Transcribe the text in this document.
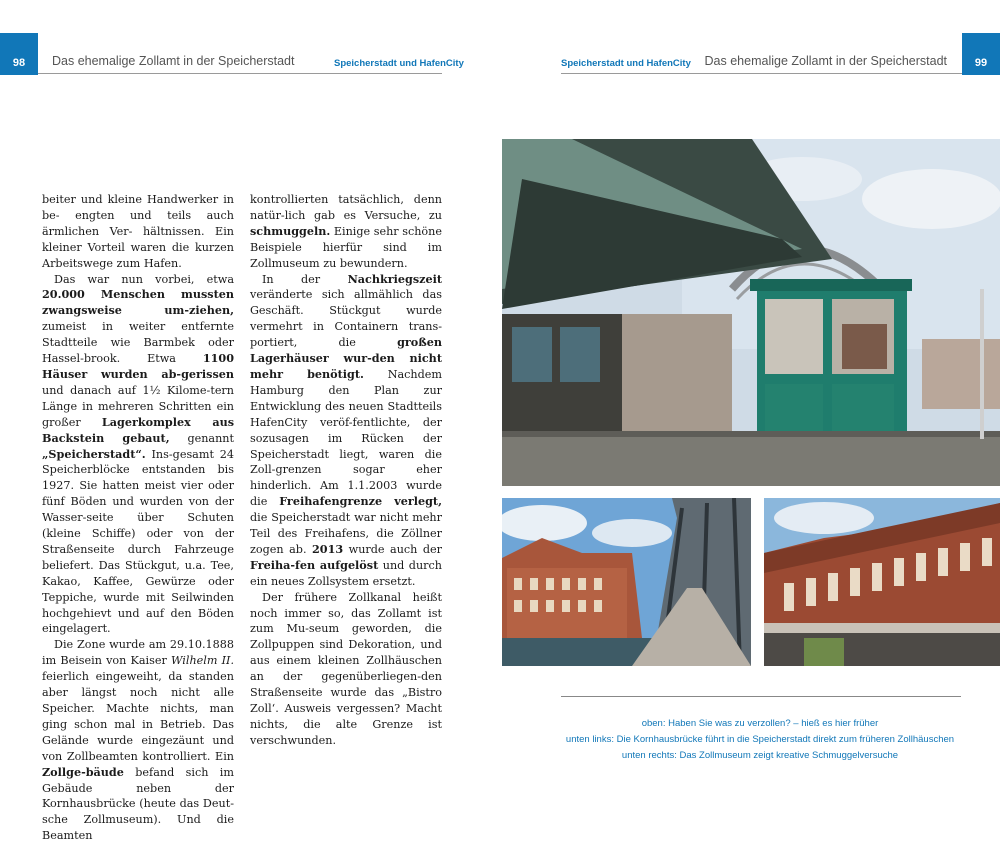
98	Das ehemalige Zollamt in der Speicherstadt	Speicherstadt und HafenCity	Speicherstadt und HafenCity Das ehemalige Zollamt in der Speicherstadt	99

beiter und kleine Handwerker in be- engten und teils auch ärmlichen Ver- hältnissen. Ein kleiner Vorteil waren die kurzen Arbeitswege zum Hafen.

Das war nun vorbei, etwa 20.000 Menschen mussten zwangsweise um-ziehen, zumeist in weiter entfernte Stadtteile wie Barmbek oder Hassel-brook. Etwa 1100 Häuser wurden ab-gerissen und danach auf 1½ Kilome-tern Länge in mehreren Schritten ein großer Lagerkomplex aus Backstein gebaut, genannt „Speicherstadt“. Ins-gesamt 24 Speicherblöcke entstanden bis 1927. Sie hatten meist vier oder fünf Böden und wurden von der Wasser-seite über Schuten (kleine Schiffe) oder von der Straßenseite durch Fahrzeuge beliefert. Das Stückgut, u.a. Tee, Kakao, Kaffee, Gewürze oder Teppiche, wurde mit Seilwinden hochgehievt und auf den Böden eingelagert.

Die Zone wurde am 29.10.1888 im Beisein von Kaiser Wilhelm II. feierlich eingeweiht, da standen aber längst noch nicht alle Speicher. Machte nichts, man ging schon mal in Betrieb. Das Gelände wurde eingezäunt und von Zollbeamten kontrolliert. Ein Zollge-bäude befand sich im Gebäude neben der Kornhausbrücke (heute das Deut-sche Zollmuseum). Und die Beamten

kontrollierten tatsächlich, denn natür-lich gab es Versuche, zu schmuggeln. Einige sehr schöne Beispiele hierfür sind im Zollmuseum zu bewundern.

In der Nachkriegszeit veränderte sich allmählich das Geschäft. Stückgut wurde vermehrt in Containern trans-portiert, die	großen Lagerhäuser wur-den nicht mehr benötigt. Nachdem Hamburg den Plan zur Entwicklung des neuen Stadtteils HafenCity veröf-fentlichte, der sozusagen im Rücken der Speicherstadt liegt, waren die Zoll-grenzen sogar eher hinderlich. Am 1.1.2003 wurde die Freihafengrenze verlegt, die Speicherstadt war nicht mehr Teil des Freihafens, die Zöllner zogen ab. 2013 wurde auch der Freiha-fen aufgelöst und durch ein neues Zollsystem ersetzt.

Der frühere Zollkanal heißt noch immer so, das Zollamt ist zum Mu-seum geworden, die Zollpuppen sind Dekoration, und aus einem kleinen Zollhäuschen an der gegenüberliegen-den Straßenseite wurde das „Bistro Zoll‘. Ausweis vergessen? Macht nichts, die alte Grenze ist verschwunden.

oben: Haben Sie was zu verzollen? – hieß es hier früher
unten links: Die Kornhausbrücke führt in die Speicherstadt direkt zum früheren Zollhäuschen
unten rechts: Das Zollmuseum zeigt kreative Schmuggelversuche
